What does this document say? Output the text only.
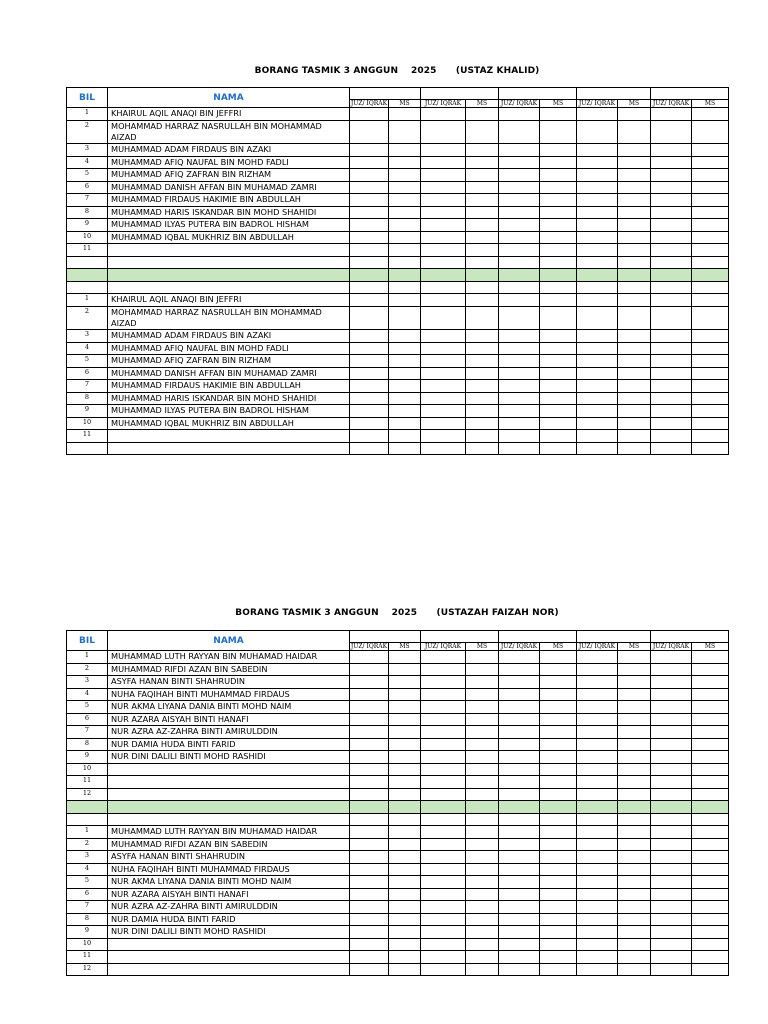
BORANG TASMIK 3 ANGGUN    2025      (USTAZ KHALID)
BIL	NAMA										
		JUZ/ IQRAK	MS	JUZ/ IQRAK	MS	JUZ/ IQRAK	MS	JUZ/ IQRAK	MS	JUZ/ IQRAK	MS
1	KHAIRUL AQIL ANAQI BIN JEFFRI										
2	MOHAMMAD HARRAZ NASRULLAH BIN MOHAMMAD AIZAD										
3	MUHAMMAD ADAM FIRDAUS BIN AZAKI										
4	MUHAMMAD AFIQ NAUFAL BIN MOHD FADLI										
5	MUHAMMAD AFIQ ZAFRAN BIN RIZHAM										
6	MUHAMMAD DANISH AFFAN BIN MUHAMAD ZAMRI										
7	MUHAMMAD FIRDAUS HAKIMIE BIN ABDULLAH										
8	MUHAMMAD HARIS ISKANDAR BIN MOHD SHAHIDI										
9	MUHAMMAD ILYAS PUTERA BIN BADROL HISHAM										
10	MUHAMMAD IQBAL MUKHRIZ BIN ABDULLAH										
11											

1	KHAIRUL AQIL ANAQI BIN JEFFRI										
2	MOHAMMAD HARRAZ NASRULLAH BIN MOHAMMAD AIZAD										
3	MUHAMMAD ADAM FIRDAUS BIN AZAKI										
4	MUHAMMAD AFIQ NAUFAL BIN MOHD FADLI										
5	MUHAMMAD AFIQ ZAFRAN BIN RIZHAM										
6	MUHAMMAD DANISH AFFAN BIN MUHAMAD ZAMRI										
7	MUHAMMAD FIRDAUS HAKIMIE BIN ABDULLAH										
8	MUHAMMAD HARIS ISKANDAR BIN MOHD SHAHIDI										
9	MUHAMMAD ILYAS PUTERA BIN BADROL HISHAM										
10	MUHAMMAD IQBAL MUKHRIZ BIN ABDULLAH										
11											

BORANG TASMIK 3 ANGGUN    2025      (USTAZAH FAIZAH NOR)
BIL	NAMA										
		JUZ/ IQRAK	MS	JUZ/ IQRAK	MS	JUZ/ IQRAK	MS	JUZ/ IQRAK	MS	JUZ/ IQRAK	MS
1	MUHAMMAD LUTH RAYYAN BIN MUHAMAD HAIDAR										
2	MUHAMMAD RIFDI AZAN BIN SABEDIN										
3	ASYFA HANAN BINTI SHAHRUDIN										
4	NUHA FAQIHAH BINTI MUHAMMAD FIRDAUS										
5	NUR AKMA LIYANA DANIA BINTI MOHD NAIM										
6	NUR AZARA AISYAH BINTI HANAFI										
7	NUR AZRA AZ-ZAHRA BINTI AMIRULDDIN										
8	NUR DAMIA HUDA BINTI FARID										
9	NUR DINI DALILI BINTI MOHD RASHIDI										
10											
11											
12											

1	MUHAMMAD LUTH RAYYAN BIN MUHAMAD HAIDAR										
2	MUHAMMAD RIFDI AZAN BIN SABEDIN										
3	ASYFA HANAN BINTI SHAHRUDIN										
4	NUHA FAQIHAH BINTI MUHAMMAD FIRDAUS										
5	NUR AKMA LIYANA DANIA BINTI MOHD NAIM										
6	NUR AZARA AISYAH BINTI HANAFI										
7	NUR AZRA AZ-ZAHRA BINTI AMIRULDDIN										
8	NUR DAMIA HUDA BINTI FARID										
9	NUR DINI DALILI BINTI MOHD RASHIDI										
10											
11											
12											
